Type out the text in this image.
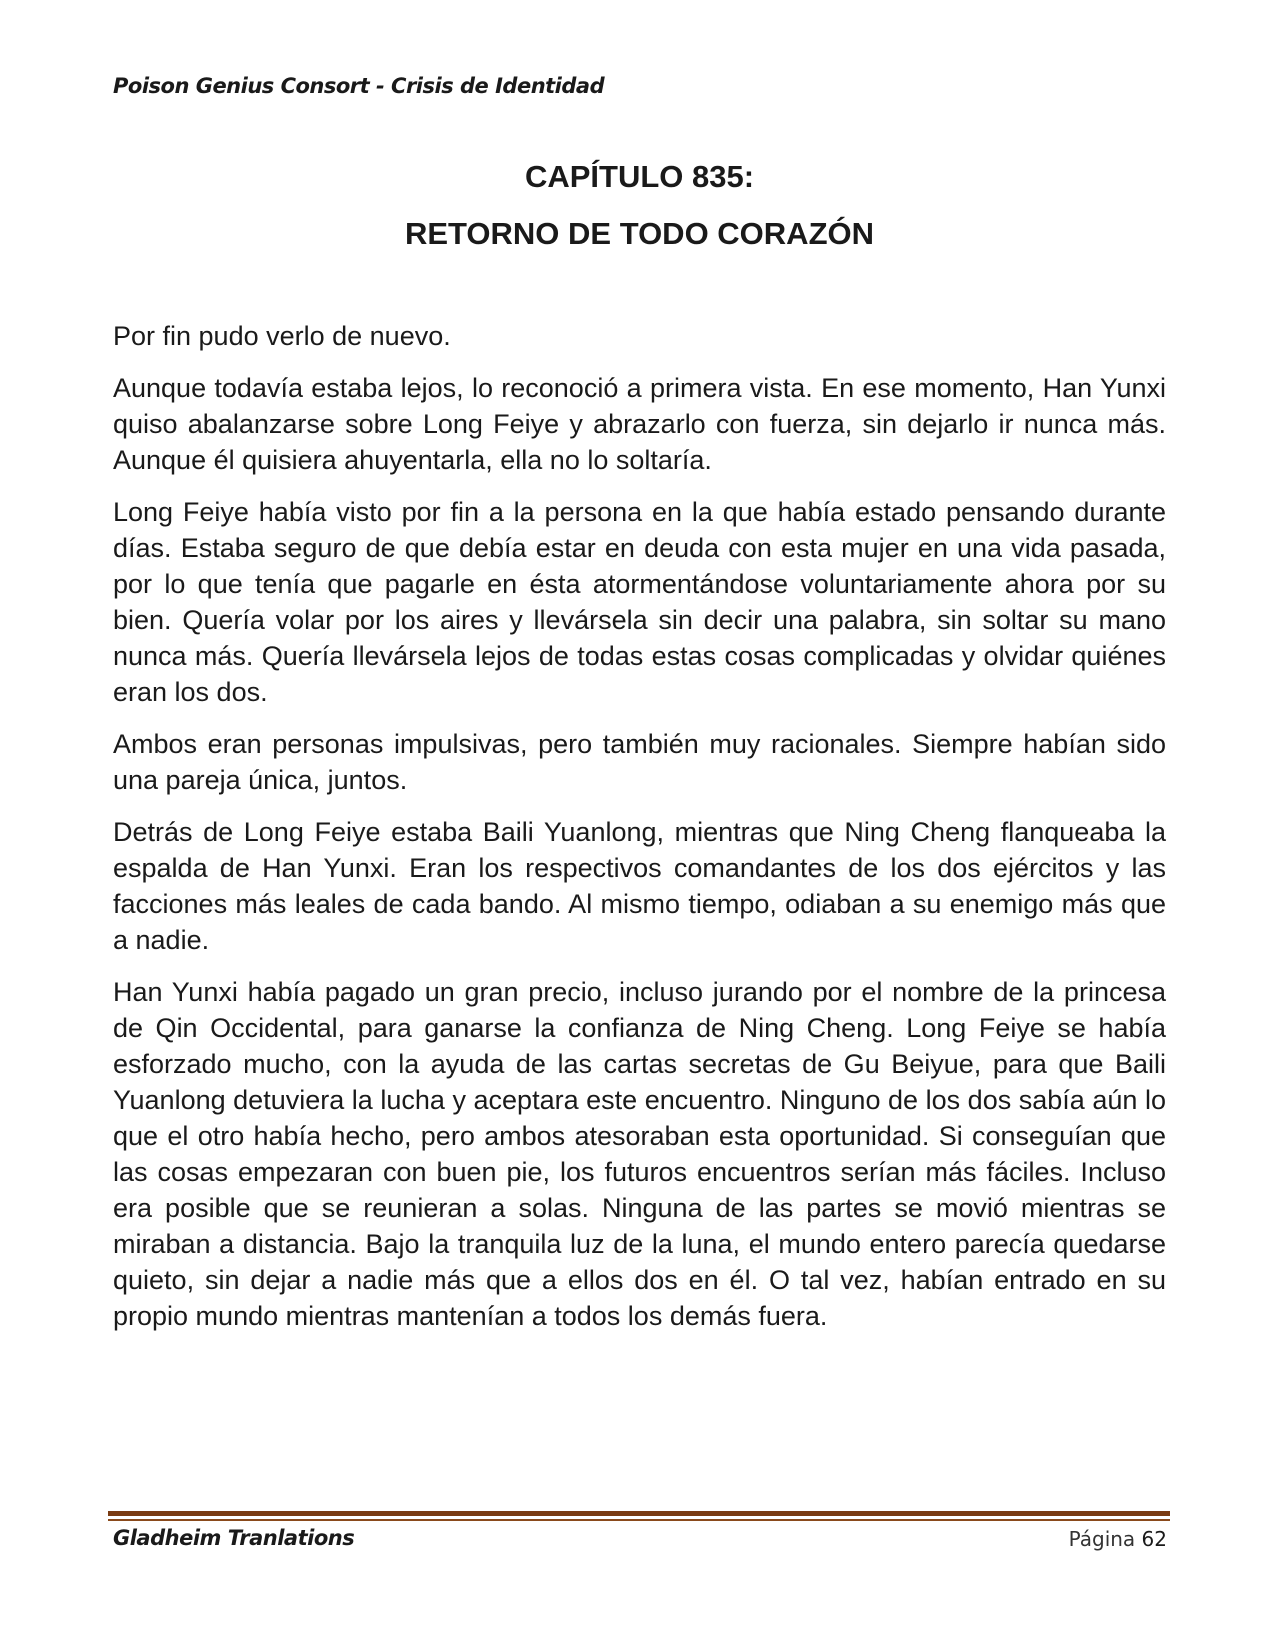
Poison Genius Consort - Crisis de Identidad

CAPÍTULO 835:
RETORNO DE TODO CORAZÓN

Por fin pudo verlo de nuevo.

Aunque todavía estaba lejos, lo reconoció a primera vista. En ese momento, Han Yunxi quiso abalanzarse sobre Long Feiye y abrazarlo con fuerza, sin dejarlo ir nunca más. Aunque él quisiera ahuyentarla, ella no lo soltaría.

Long Feiye había visto por fin a la persona en la que había estado pensando durante días. Estaba seguro de que debía estar en deuda con esta mujer en una vida pasada, por lo que tenía que pagarle en ésta atormentándose voluntariamente ahora por su bien. Quería volar por los aires y llevársela sin decir una palabra, sin soltar su mano nunca más. Quería llevársela lejos de todas estas cosas complicadas y olvidar quiénes eran los dos.

Ambos eran personas impulsivas, pero también muy racionales. Siempre habían sido una pareja única, juntos.

Detrás de Long Feiye estaba Baili Yuanlong, mientras que Ning Cheng flanqueaba la espalda de Han Yunxi. Eran los respectivos comandantes de los dos ejércitos y las facciones más leales de cada bando. Al mismo tiempo, odiaban a su enemigo más que a nadie.

Han Yunxi había pagado un gran precio, incluso jurando por el nombre de la princesa de Qin Occidental, para ganarse la confianza de Ning Cheng. Long Feiye se había esforzado mucho, con la ayuda de las cartas secretas de Gu Beiyue, para que Baili Yuanlong detuviera la lucha y aceptara este encuentro. Ninguno de los dos sabía aún lo que el otro había hecho, pero ambos atesoraban esta oportunidad. Si conseguían que las cosas empezaran con buen pie, los futuros encuentros serían más fáciles. Incluso era posible que se reunieran a solas. Ninguna de las partes se movió mientras se miraban a distancia. Bajo la tranquila luz de la luna, el mundo entero parecía quedarse quieto, sin dejar a nadie más que a ellos dos en él. O tal vez, habían entrado en su propio mundo mientras mantenían a todos los demás fuera.

Gladheim Tranlations	Página 62
